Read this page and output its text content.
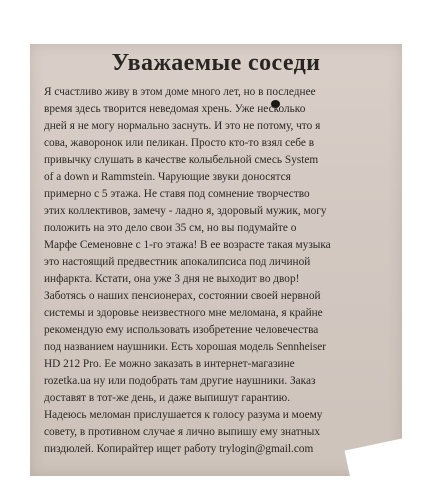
Уважаемые соседи
Я счастливо живу в этом доме много лет, но в последнее
время здесь творится неведомая хрень. Уже несколько
дней я не могу нормально заснуть. И это не потому, что я
сова, жаворонок или пеликан. Просто кто-то взял себе в
привычку слушать в качестве колыбельной смесь System
of a down и Rammstein. Чарующие звуки доносятся
примерно с 5 этажа. Не ставя под сомнение творчество
этих коллективов, замечу - ладно я, здоровый мужик, могу
положить на это дело свои 35 см, но вы подумайте о
Марфе Семеновне с 1-го этажа! В ее возрасте такая музыка
это настоящий предвестник апокалипсиса под личиной
инфаркта. Кстати, она уже 3 дня не выходит во двор!
Заботясь о наших пенсионерах, состоянии своей нервной
системы и здоровье неизвестного мне меломана, я крайне
рекомендую ему использовать изобретение человечества
под названием наушники. Есть хорошая модель Sennheiser
HD 212 Pro. Ее можно заказать в интернет-магазине
rozetka.ua ну или подобрать там другие наушники. Заказ
доставят в тот-же день, и даже выпишут гарантию.
Надеюсь меломан прислушается к голосу разума и моему
совету, в противном случае я лично выпишу ему знатных
пиздюлей. Копирайтер ищет работу trylogin@gmail.com
